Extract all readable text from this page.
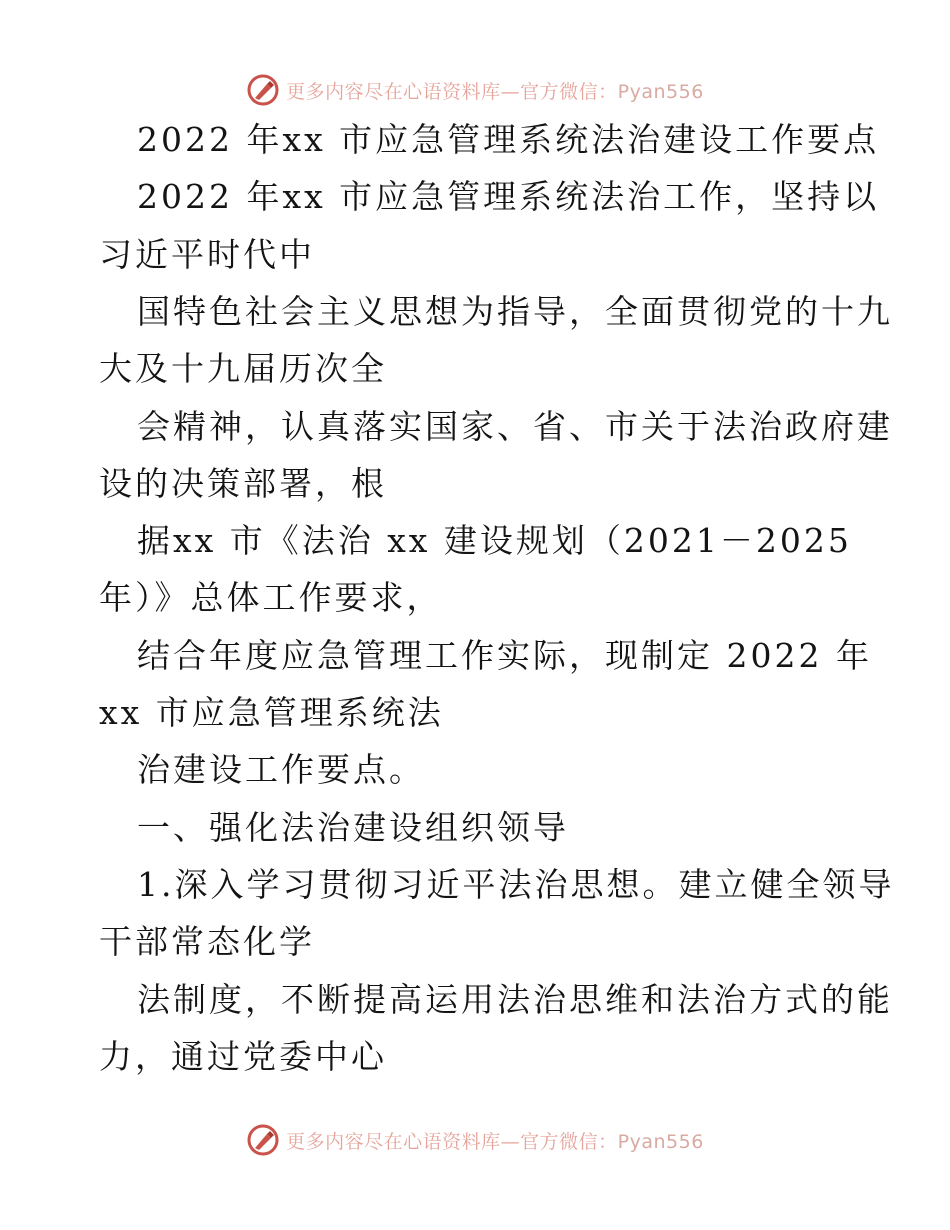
更多内容尽在心语资料库—官方微信：Pyan556
2022 年xx 市应急管理系统法治建设工作要点
2022 年xx 市应急管理系统法治工作，坚持以
习近平时代中
国特色社会主义思想为指导，全面贯彻党的十九
大及十九届历次全
会精神，认真落实国家、省、市关于法治政府建
设的决策部署，根
据xx 市《法治 xx 建设规划（2021－2025
年）》总体工作要求，
结合年度应急管理工作实际，现制定 2022 年
xx 市应急管理系统法
治建设工作要点。
一、强化法治建设组织领导
1.深入学习贯彻习近平法治思想。建立健全领导
干部常态化学
法制度，不断提高运用法治思维和法治方式的能
力，通过党委中心
更多内容尽在心语资料库—官方微信：Pyan556
